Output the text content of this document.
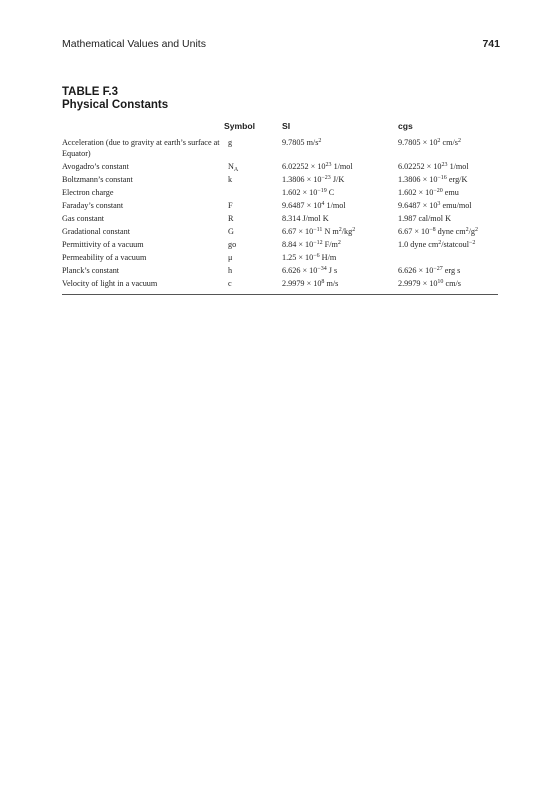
Mathematical Values and Units	741

TABLE F.3

Physical Constants

	Symbol	SI	cgs
Acceleration (due to gravity at earth’s surface at Equator)	g	9.7805 $m/s^2$	$9.7805 \times 10^2$ $cm/s^2$
Avogadro’s constant	$N_A$	$6.02252 \times 10^{23}$ 1/mol	$6.02252 \times 10^{23}$ 1/mol
Boltzmann’s constant	k	$1.3806 \times 10^{-23}$ J/K	$1.3806 \times 10^{-16}$ erg/K
Electron charge		$1.602 \times 10^{-19}$ C	$1.602 \times 10^{-20}$ emu
Faraday’s constant	F	$9.6487 \times 10^4$ 1/mol	$9.6487 \times 10^3$ emu/mol
Gas constant	R	8.314 J/mol K	1.987 cal/mol K
Gradational constant	G	$6.67 \times 10^{-11}$ N $m^2/kg^2$	$6.67 \times 10^{-8}$ dyne $cm^2/g^2$
Permittivity of a vacuum	go	$8.84 \times 10^{-12}$ $F/m^2$	1.0 dyne $cm^2/statcoul^{-2}$
Permeability of a vacuum	μ	$1.25 \times 10^{-6}$ H/m	
Planck’s constant	h	$6.626 \times 10^{-34}$ J s	$6.626 \times 10^{-27}$ erg s
Velocity of light in a vacuum	c	$2.9979 \times 10^8$ m/s	$2.9979 \times 10^{10}$ cm/s
